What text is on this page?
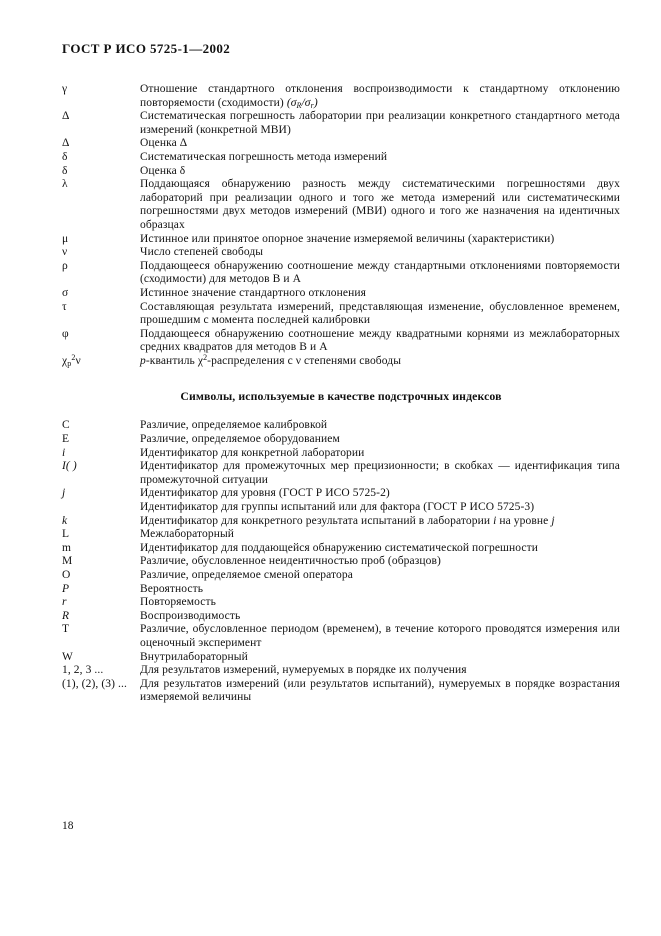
ГОСТ Р ИСО 5725-1—2002
γ	Отношение стандартного отклонения воспроизводимости к стандартному отклонению повторяемости (сходимости) $(\sigma_R/\sigma_r)$
Δ	Систематическая погрешность лаборатории при реализации конкретного стандартного метода измерений (конкретной МВИ)
Δ	Оценка Δ
δ	Систематическая погрешность метода измерений
δ	Оценка δ
λ	Поддающаяся обнаружению разность между систематическими погрешностями двух лабораторий при реализации одного и того же метода измерений или систематическими погрешностями двух методов измерений (МВИ) одного и того же назначения на идентичных образцах
μ	Истинное или принятое опорное значение измеряемой величины (характеристики)
ν	Число степеней свободы
ρ	Поддающееся обнаружению соотношение между стандартными отклонениями повторяемости (сходимости) для методов В и А
σ	Истинное значение стандартного отклонения
τ	Составляющая результата измерений, представляющая изменение, обусловленное временем, прошедшим с момента последней калибровки
φ	Поддающееся обнаружению соотношение между квадратными корнями из межлабораторных средних квадратов для методов В и А
$\chi_p^2\nu$	p-квантиль $\chi^2$-распределения с ν степенями свободы
Символы, используемые в качестве подстрочных индексов
C	Различие, определяемое калибровкой
E	Различие, определяемое оборудованием
i	Идентификатор для конкретной лаборатории
I( )	Идентификатор для промежуточных мер прецизионности; в скобках — идентификация типа промежуточной ситуации
j	Идентификатор для уровня (ГОСТ Р ИСО 5725-2)
Идентификатор для группы испытаний или для фактора (ГОСТ Р ИСО 5725-3)
k	Идентификатор для конкретного результата испытаний в лаборатории i на уровне j
L	Межлабораторный
m	Идентификатор для поддающейся обнаружению систематической погрешности
M	Различие, обусловленное неидентичностью проб (образцов)
O	Различие, определяемое сменой оператора
P	Вероятность
r	Повторяемость
R	Воспроизводимость
T	Различие, обусловленное периодом (временем), в течение которого проводятся измерения или оценочный эксперимент
W	Внутрилабораторный
1, 2, 3 ...	Для результатов измерений, нумеруемых в порядке их получения
(1), (2), (3) ...	Для результатов измерений (или результатов испытаний), нумеруемых в порядке возрастания измеряемой величины
18
